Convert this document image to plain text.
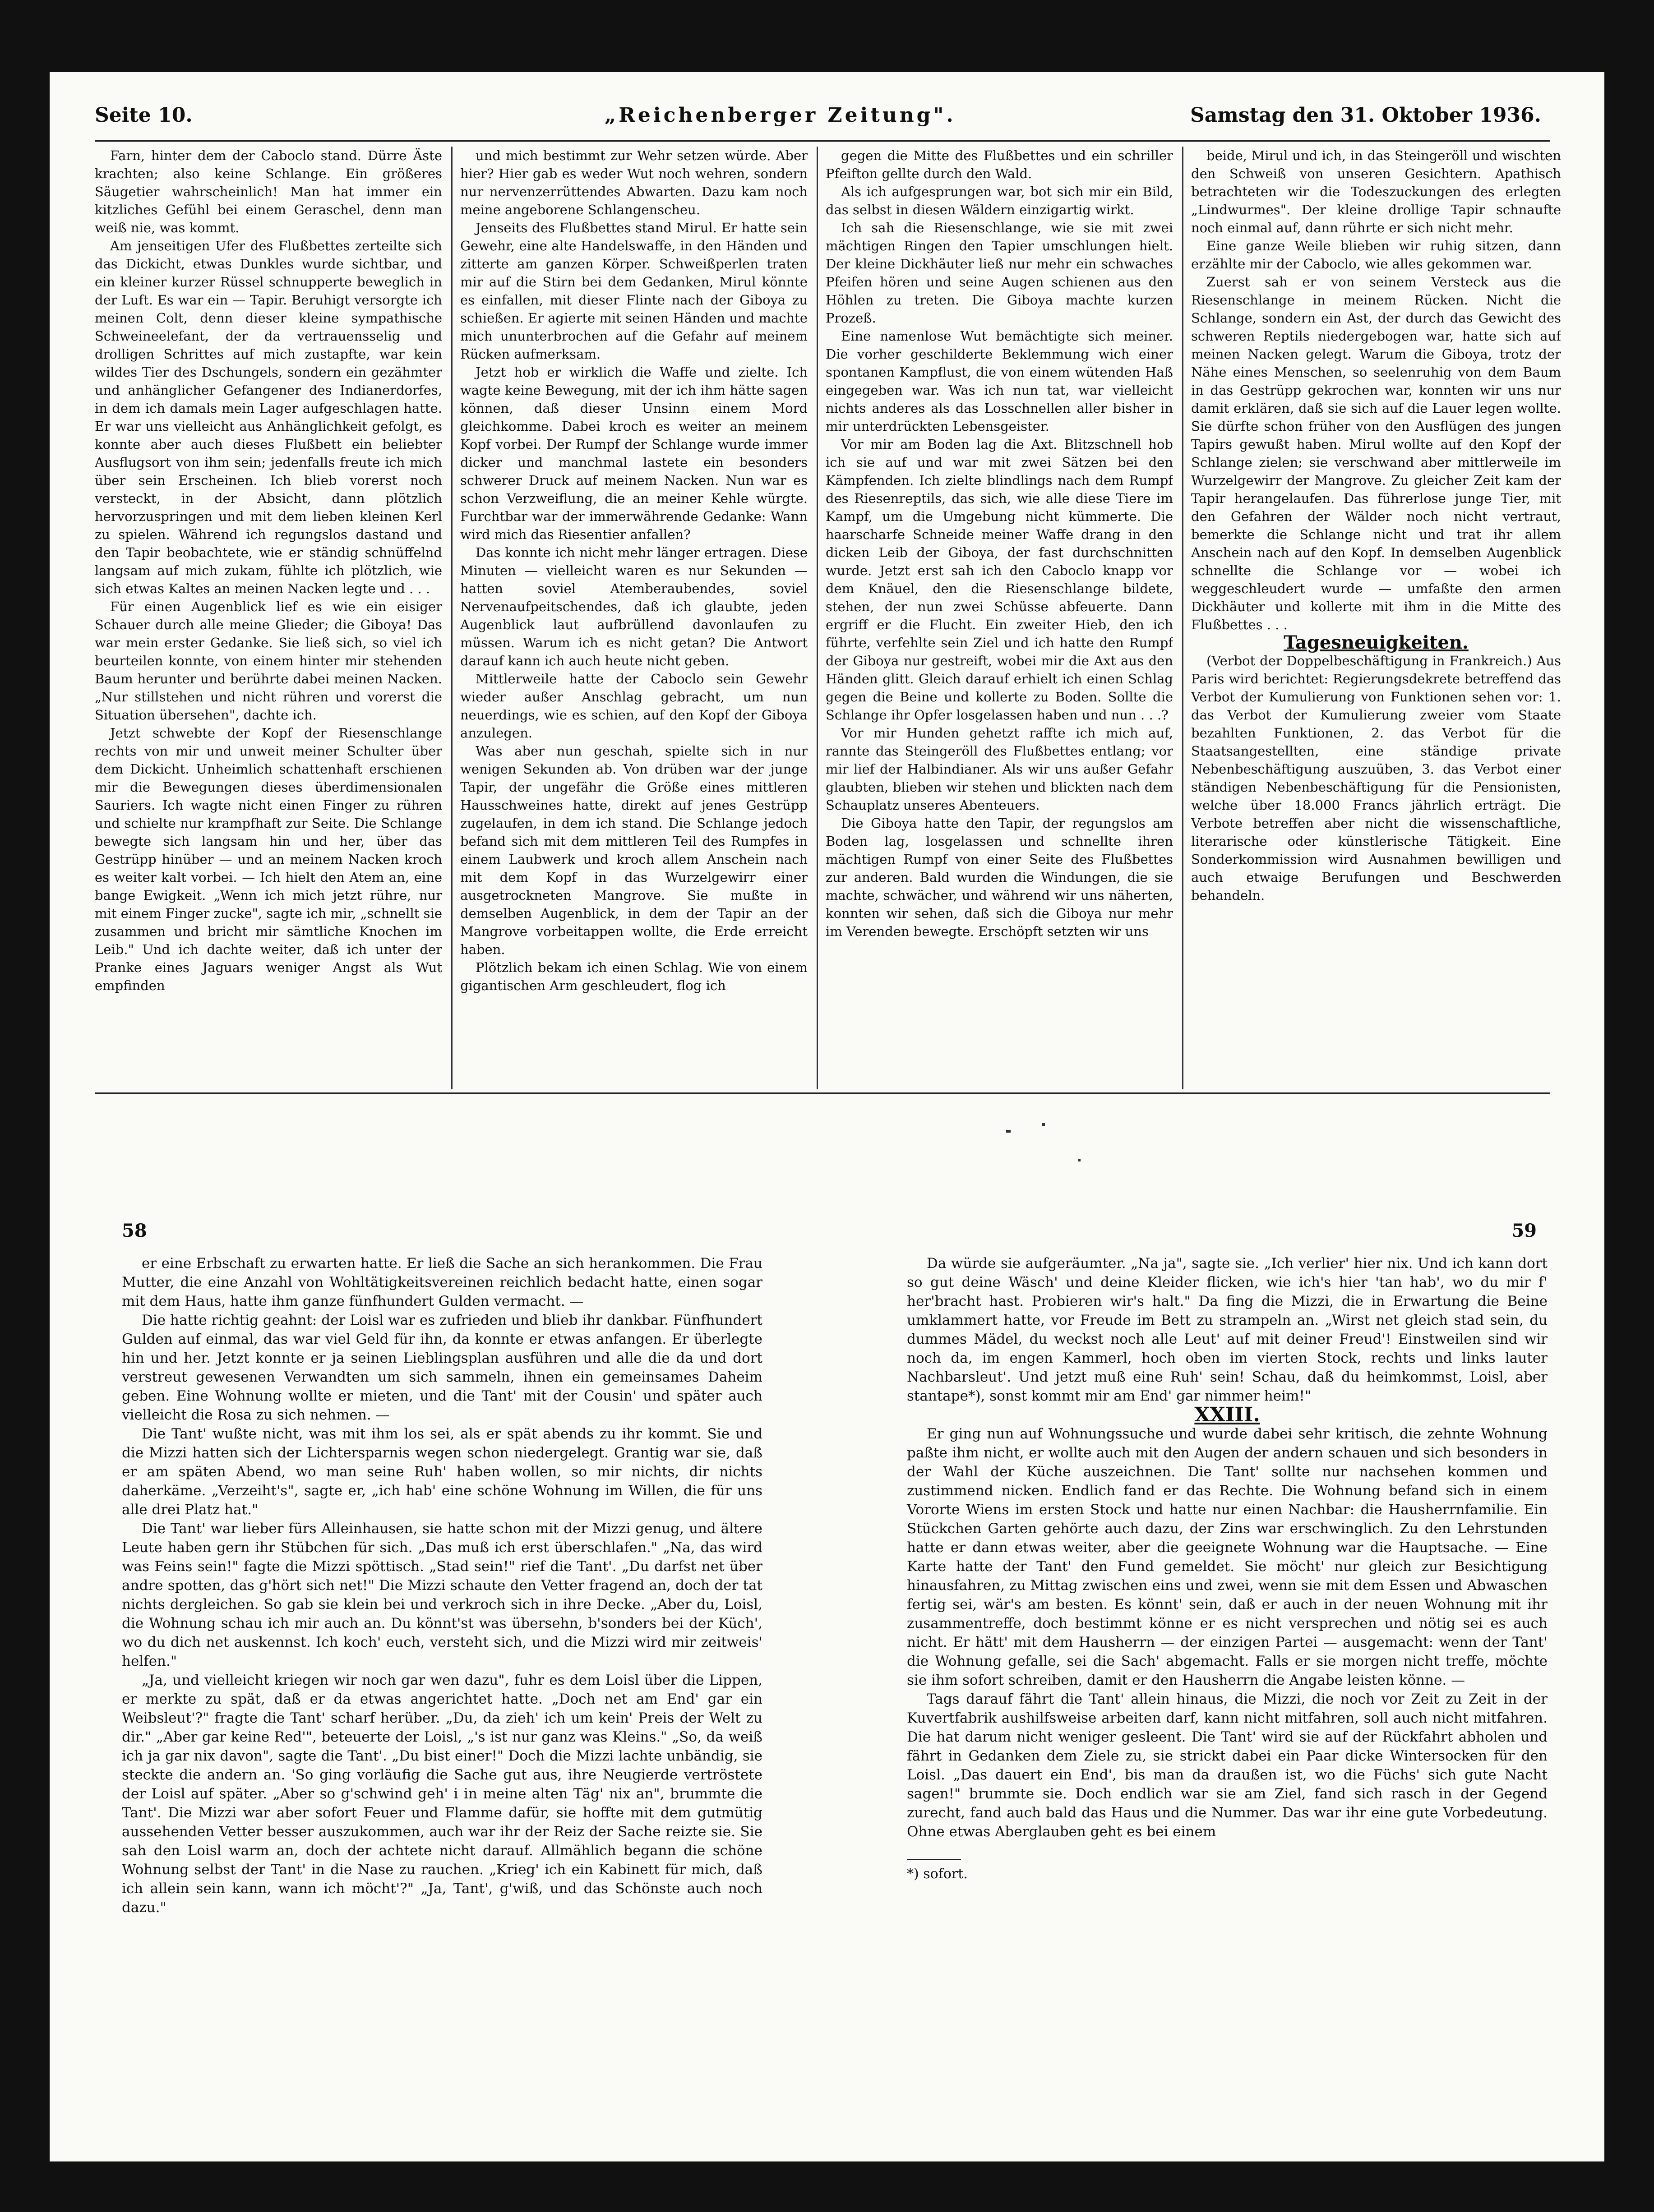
Seite 10.	„Reichenberger Zeitung".	Samstag den 31. Oktober 1936.

Farn, hinter dem der Caboclo stand. Dürre Äste krachten; also keine Schlange. Ein größeres Säugetier wahrscheinlich! Man hat immer ein kitzliches Gefühl bei einem Geraschel, denn man weiß nie, was kommt.

Am jenseitigen Ufer des Flußbettes zerteilte sich das Dickicht, etwas Dunkles wurde sichtbar, und ein kleiner kurzer Rüssel schnupperte beweglich in der Luft. Es war ein — Tapir. Beruhigt versorgte ich meinen Colt, denn dieser kleine sympathische Schweineelefant, der da vertrauensselig und drolligen Schrittes auf mich zustapfte, war kein wildes Tier des Dschungels, sondern ein gezähmter und anhänglicher Gefangener des Indianerdorfes, in dem ich damals mein Lager aufgeschlagen hatte. Er war uns vielleicht aus Anhänglichkeit gefolgt, es konnte aber auch dieses Flußbett ein beliebter Ausflugsort von ihm sein; jedenfalls freute ich mich über sein Erscheinen. Ich blieb vorerst noch versteckt, in der Absicht, dann plötzlich hervorzuspringen und mit dem lieben kleinen Kerl zu spielen. Während ich regungslos dastand und den Tapir beobachtete, wie er ständig schnüffelnd langsam auf mich zukam, fühlte ich plötzlich, wie sich etwas Kaltes an meinen Nacken legte und . . .

Für einen Augenblick lief es wie ein eisiger Schauer durch alle meine Glieder; die Giboya! Das war mein erster Gedanke. Sie ließ sich, so viel ich beurteilen konnte, von einem hinter mir stehenden Baum herunter und berührte dabei meinen Nacken. „Nur stillstehen und nicht rühren und vorerst die Situation übersehen", dachte ich.

Jetzt schwebte der Kopf der Riesenschlange rechts von mir und unweit meiner Schulter über dem Dickicht. Unheimlich schattenhaft erschienen mir die Bewegungen dieses überdimensionalen Sauriers. Ich wagte nicht einen Finger zu rühren und schielte nur krampfhaft zur Seite. Die Schlange bewegte sich langsam hin und her, über das Gestrüpp hinüber — und an meinem Nacken kroch es weiter kalt vorbei. — Ich hielt den Atem an, eine bange Ewigkeit. „Wenn ich mich jetzt rühre, nur mit einem Finger zucke", sagte ich mir, „schnellt sie zusammen und bricht mir sämtliche Knochen im Leib." Und ich dachte weiter, daß ich unter der Pranke eines Jaguars weniger Angst als Wut empfinden

und mich bestimmt zur Wehr setzen würde. Aber hier? Hier gab es weder Wut noch wehren, sondern nur nervenzerrüttendes Abwarten. Dazu kam noch meine angeborene Schlangenscheu.

Jenseits des Flußbettes stand Mirul. Er hatte sein Gewehr, eine alte Handelswaffe, in den Händen und zitterte am ganzen Körper. Schweißperlen traten mir auf die Stirn bei dem Gedanken, Mirul könnte es einfallen, mit dieser Flinte nach der Giboya zu schießen. Er agierte mit seinen Händen und machte mich ununterbrochen auf die Gefahr auf meinem Rücken aufmerksam.

Jetzt hob er wirklich die Waffe und zielte. Ich wagte keine Bewegung, mit der ich ihm hätte sagen können, daß dieser Unsinn einem Mord gleichkomme. Dabei kroch es weiter an meinem Kopf vorbei. Der Rumpf der Schlange wurde immer dicker und manchmal lastete ein besonders schwerer Druck auf meinem Nacken. Nun war es schon Verzweiflung, die an meiner Kehle würgte. Furchtbar war der immerwährende Gedanke: Wann wird mich das Riesentier anfallen?

Das konnte ich nicht mehr länger ertragen. Diese Minuten — vielleicht waren es nur Sekunden — hatten soviel Atemberaubendes, soviel Nervenaufpeitschendes, daß ich glaubte, jeden Augenblick laut aufbrüllend davonlaufen zu müssen. Warum ich es nicht getan? Die Antwort darauf kann ich auch heute nicht geben.

Mittlerweile hatte der Caboclo sein Gewehr wieder außer Anschlag gebracht, um nun neuerdings, wie es schien, auf den Kopf der Giboya anzulegen.

Was aber nun geschah, spielte sich in nur wenigen Sekunden ab. Von drüben war der junge Tapir, der ungefähr die Größe eines mittleren Hausschweines hatte, direkt auf jenes Gestrüpp zugelaufen, in dem ich stand. Die Schlange jedoch befand sich mit dem mittleren Teil des Rumpfes in einem Laubwerk und kroch allem Anschein nach mit dem Kopf in das Wurzelgewirr einer ausgetrockneten Mangrove. Sie mußte in demselben Augenblick, in dem der Tapir an der Mangrove vorbeitappen wollte, die Erde erreicht haben.

Plötzlich bekam ich einen Schlag. Wie von einem gigantischen Arm geschleudert, flog ich

gegen die Mitte des Flußbettes und ein schriller Pfeifton gellte durch den Wald.

Als ich aufgesprungen war, bot sich mir ein Bild, das selbst in diesen Wäldern einzigartig wirkt.

Ich sah die Riesenschlange, wie sie mit zwei mächtigen Ringen den Tapier umschlungen hielt. Der kleine Dickhäuter ließ nur mehr ein schwaches Pfeifen hören und seine Augen schienen aus den Höhlen zu treten. Die Giboya machte kurzen Prozeß.

Eine namenlose Wut bemächtigte sich meiner. Die vorher geschilderte Beklemmung wich einer spontanen Kampflust, die von einem wütenden Haß eingegeben war. Was ich nun tat, war vielleicht nichts anderes als das Losschnellen aller bisher in mir unterdrückten Lebensgeister.

Vor mir am Boden lag die Axt. Blitzschnell hob ich sie auf und war mit zwei Sätzen bei den Kämpfenden. Ich zielte blindlings nach dem Rumpf des Riesenreptils, das sich, wie alle diese Tiere im Kampf, um die Umgebung nicht kümmerte. Die haarscharfe Schneide meiner Waffe drang in den dicken Leib der Giboya, der fast durchschnitten wurde. Jetzt erst sah ich den Caboclo knapp vor dem Knäuel, den die Riesenschlange bildete, stehen, der nun zwei Schüsse abfeuerte. Dann ergriff er die Flucht. Ein zweiter Hieb, den ich führte, verfehlte sein Ziel und ich hatte den Rumpf der Giboya nur gestreift, wobei mir die Axt aus den Händen glitt. Gleich darauf erhielt ich einen Schlag gegen die Beine und kollerte zu Boden. Sollte die Schlange ihr Opfer losgelassen haben und nun . . .?

Vor mir Hunden gehetzt raffte ich mich auf, rannte das Steingeröll des Flußbettes entlang; vor mir lief der Halbindianer. Als wir uns außer Gefahr glaubten, blieben wir stehen und blickten nach dem Schauplatz unseres Abenteuers.

Die Giboya hatte den Tapir, der regungslos am Boden lag, losgelassen und schnellte ihren mächtigen Rumpf von einer Seite des Flußbettes zur anderen. Bald wurden die Windungen, die sie machte, schwächer, und während wir uns näherten, konnten wir sehen, daß sich die Giboya nur mehr im Verenden bewegte. Erschöpft setzten wir uns

beide, Mirul und ich, in das Steingeröll und wischten den Schweiß von unseren Gesichtern. Apathisch betrachteten wir die Todeszuckungen des erlegten „Lindwurmes". Der kleine drollige Tapir schnaufte noch einmal auf, dann rührte er sich nicht mehr.

Eine ganze Weile blieben wir ruhig sitzen, dann erzählte mir der Caboclo, wie alles gekommen war.

Zuerst sah er von seinem Versteck aus die Riesenschlange in meinem Rücken. Nicht die Schlange, sondern ein Ast, der durch das Gewicht des schweren Reptils niedergebogen war, hatte sich auf meinen Nacken gelegt. Warum die Giboya, trotz der Nähe eines Menschen, so seelenruhig von dem Baum in das Gestrüpp gekrochen war, konnten wir uns nur damit erklären, daß sie sich auf die Lauer legen wollte. Sie dürfte schon früher von den Ausflügen des jungen Tapirs gewußt haben. Mirul wollte auf den Kopf der Schlange zielen; sie verschwand aber mittlerweile im Wurzelgewirr der Mangrove. Zu gleicher Zeit kam der Tapir herangelaufen. Das führerlose junge Tier, mit den Gefahren der Wälder noch nicht vertraut, bemerkte die Schlange nicht und trat ihr allem Anschein nach auf den Kopf. In demselben Augenblick schnellte die Schlange vor — wobei ich weggeschleudert wurde — umfaßte den armen Dickhäuter und kollerte mit ihm in die Mitte des Flußbettes . . .

Tagesneuigkeiten.

(Verbot der Doppelbeschäftigung in Frankreich.) Aus Paris wird berichtet: Regierungsdekrete betreffend das Verbot der Kumulierung von Funktionen sehen vor: 1. das Verbot der Kumulierung zweier vom Staate bezahlten Funktionen, 2. das Verbot für die Staatsangestellten, eine ständige private Nebenbeschäftigung auszuüben, 3. das Verbot einer ständigen Nebenbeschäftigung für die Pensionisten, welche über 18.000 Francs jährlich erträgt. Die Verbote betreffen aber nicht die wissenschaftliche, literarische oder künstlerische Tätigkeit. Eine Sonderkommission wird Ausnahmen bewilligen und auch etwaige Berufungen und Beschwerden behandeln.

58	59

er eine Erbschaft zu erwarten hatte. Er ließ die Sache an sich herankommen. Die Frau Mutter, die eine Anzahl von Wohltätigkeitsvereinen reichlich bedacht hatte, einen sogar mit dem Haus, hatte ihm ganze fünfhundert Gulden vermacht. —

Die hatte richtig geahnt: der Loisl war es zufrieden und blieb ihr dankbar. Fünfhundert Gulden auf einmal, das war viel Geld für ihn, da konnte er etwas anfangen. Er überlegte hin und her. Jetzt konnte er ja seinen Lieblingsplan ausführen und alle die da und dort verstreut gewesenen Verwandten um sich sammeln, ihnen ein gemeinsames Daheim geben. Eine Wohnung wollte er mieten, und die Tant' mit der Cousin' und später auch vielleicht die Rosa zu sich nehmen. —

Die Tant' wußte nicht, was mit ihm los sei, als er spät abends zu ihr kommt. Sie und die Mizzi hatten sich der Lichtersparnis wegen schon niedergelegt. Grantig war sie, daß er am späten Abend, wo man seine Ruh' haben wollen, so mir nichts, dir nichts daherkäme. „Verzeiht's", sagte er, „ich hab' eine schöne Wohnung im Willen, die für uns alle drei Platz hat."

Die Tant' war lieber fürs Alleinhausen, sie hatte schon mit der Mizzi genug, und ältere Leute haben gern ihr Stübchen für sich. „Das muß ich erst überschlafen." „Na, das wird was Feins sein!" fagte die Mizzi spöttisch. „Stad sein!" rief die Tant'. „Du darfst net über andre spotten, das g'hört sich net!" Die Mizzi schaute den Vetter fragend an, doch der tat nichts dergleichen. So gab sie klein bei und verkroch sich in ihre Decke. „Aber du, Loisl, die Wohnung schau ich mir auch an. Du könnt'st was übersehn, b'sonders bei der Küch', wo du dich net auskennst. Ich koch' euch, versteht sich, und die Mizzi wird mir zeitweis' helfen."

„Ja, und vielleicht kriegen wir noch gar wen dazu", fuhr es dem Loisl über die Lippen, er merkte zu spät, daß er da etwas angerichtet hatte. „Doch net am End' gar ein Weibsleut'?" fragte die Tant' scharf herüber. „Du, da zieh' ich um kein' Preis der Welt zu dir." „Aber gar keine Red'", beteuerte der Loisl, „'s ist nur ganz was Kleins." „So, da weiß ich ja gar nix davon", sagte die Tant'. „Du bist einer!" Doch die Mizzi lachte unbändig, sie steckte die andern an. 'So ging vorläufig die Sache gut aus, ihre Neugierde vertröstete der Loisl auf später. „Aber so g'schwind geh' i in meine alten Täg' nix an", brummte die Tant'. Die Mizzi war aber sofort Feuer und Flamme dafür, sie hoffte mit dem gutmütig aussehenden Vetter besser auszukommen, auch war ihr der Reiz der Sache reizte sie. Sie sah den Loisl warm an, doch der achtete nicht darauf. Allmählich begann die schöne Wohnung selbst der Tant' in die Nase zu rauchen. „Krieg' ich ein Kabinett für mich, daß ich allein sein kann, wann ich möcht'?" „Ja, Tant', g'wiß, und das Schönste auch noch dazu."

Da würde sie aufgeräumter. „Na ja", sagte sie. „Ich verlier' hier nix. Und ich kann dort so gut deine Wäsch' und deine Kleider flicken, wie ich's hier 'tan hab', wo du mir f' her'bracht hast. Probieren wir's halt." Da fing die Mizzi, die in Erwartung die Beine umklammert hatte, vor Freude im Bett zu strampeln an. „Wirst net gleich stad sein, du dummes Mädel, du weckst noch alle Leut' auf mit deiner Freud'! Einstweilen sind wir noch da, im engen Kammerl, hoch oben im vierten Stock, rechts und links lauter Nachbarsleut'. Und jetzt muß eine Ruh' sein! Schau, daß du heimkommst, Loisl, aber stantape*), sonst kommt mir am End' gar nimmer heim!"

XXIII.

Er ging nun auf Wohnungssuche und wurde dabei sehr kritisch, die zehnte Wohnung paßte ihm nicht, er wollte auch mit den Augen der andern schauen und sich besonders in der Wahl der Küche auszeichnen. Die Tant' sollte nur nachsehen kommen und zustimmend nicken. Endlich fand er das Rechte. Die Wohnung befand sich in einem Vororte Wiens im ersten Stock und hatte nur einen Nachbar: die Hausherrnfamilie. Ein Stückchen Garten gehörte auch dazu, der Zins war erschwinglich. Zu den Lehrstunden hatte er dann etwas weiter, aber die geeignete Wohnung war die Hauptsache. — Eine Karte hatte der Tant' den Fund gemeldet. Sie möcht' nur gleich zur Besichtigung hinausfahren, zu Mittag zwischen eins und zwei, wenn sie mit dem Essen und Abwaschen fertig sei, wär's am besten. Es könnt' sein, daß er auch in der neuen Wohnung mit ihr zusammentreffe, doch bestimmt könne er es nicht versprechen und nötig sei es auch nicht. Er hätt' mit dem Hausherrn — der einzigen Partei — ausgemacht: wenn der Tant' die Wohnung gefalle, sei die Sach' abgemacht. Falls er sie morgen nicht treffe, möchte sie ihm sofort schreiben, damit er den Hausherrn die Angabe leisten könne. —

Tags darauf fährt die Tant' allein hinaus, die Mizzi, die noch vor Zeit zu Zeit in der Kuvertfabrik aushilfsweise arbeiten darf, kann nicht mitfahren, soll auch nicht mitfahren. Die hat darum nicht weniger gesleent. Die Tant' wird sie auf der Rückfahrt abholen und fährt in Gedanken dem Ziele zu, sie strickt dabei ein Paar dicke Wintersocken für den Loisl. „Das dauert ein End', bis man da draußen ist, wo die Füchs' sich gute Nacht sagen!" brummte sie. Doch endlich war sie am Ziel, fand sich rasch in der Gegend zurecht, fand auch bald das Haus und die Nummer. Das war ihr eine gute Vorbedeutung. Ohne etwas Aberglauben geht es bei einem

*) sofort.
